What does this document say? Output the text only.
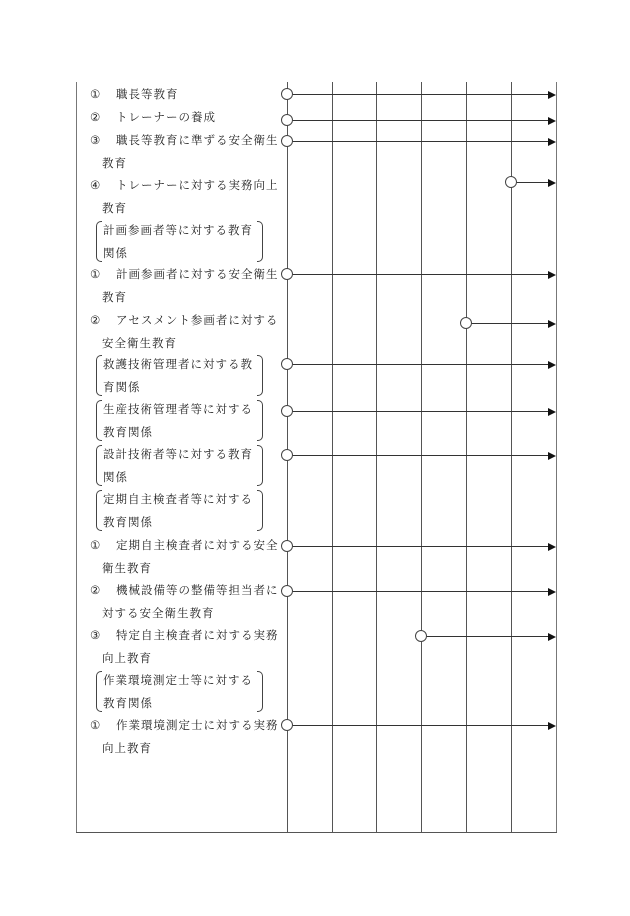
① 職長等教育
② トレーナーの養成
③ 職長等教育に準ずる安全衛生
教育
④ トレーナーに対する実務向上
教育
計画参画者等に対する教育
関係
① 計画参画者に対する安全衛生
教育
② アセスメント参画者に対する
安全衛生教育
救護技術管理者に対する教
育関係
生産技術管理者等に対する
教育関係
設計技術者等に対する教育
関係
定期自主検査者等に対する
教育関係
① 定期自主検査者に対する安全
衛生教育
② 機械設備等の整備等担当者に
対する安全衛生教育
③ 特定自主検査者に対する実務
向上教育
作業環境測定士等に対する
教育関係
① 作業環境測定士に対する実務
向上教育
